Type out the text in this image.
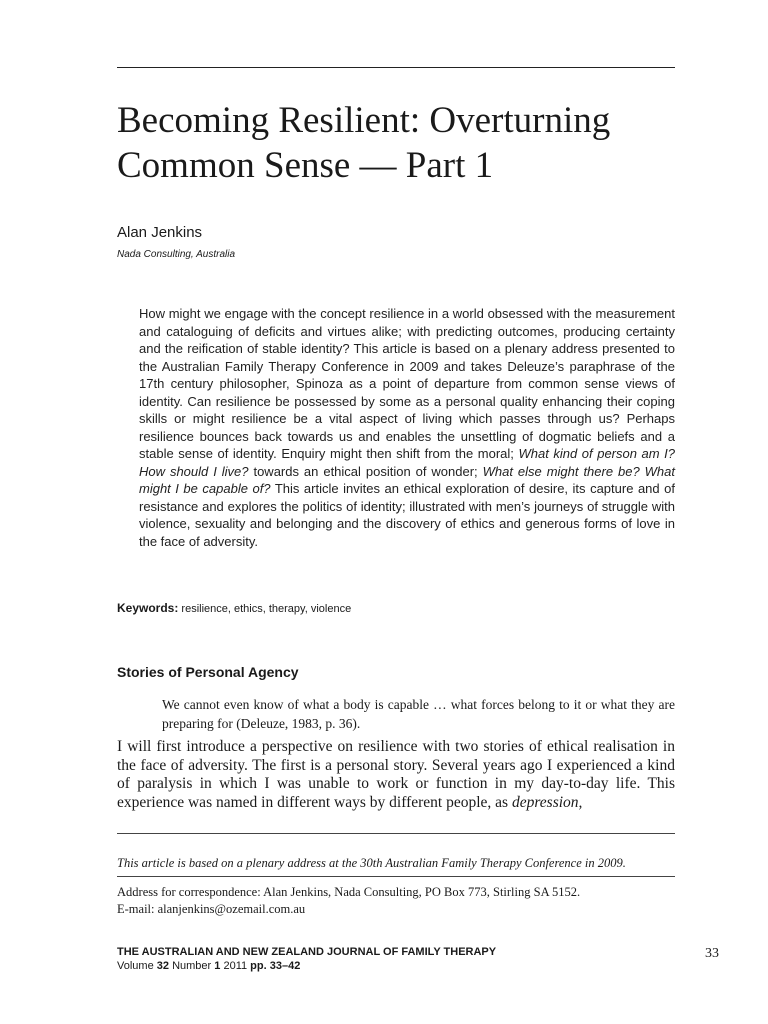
Becoming Resilient: Overturning
Common Sense — Part 1
Alan Jenkins
Nada Consulting, Australia
How might we engage with the concept resilience in a world obsessed with the measurement and cataloguing of deficits and virtues alike; with predicting outcomes, producing certainty and the reification of stable identity? This article is based on a plenary address presented to the Australian Family Therapy Conference in 2009 and takes Deleuze’s paraphrase of the 17th century philosopher, Spinoza as a point of departure from common sense views of identity. Can resilience be possessed by some as a personal quality enhancing their coping skills or might resilience be a vital aspect of living which passes through us? Perhaps resilience bounces back towards us and enables the unsettling of dogmatic beliefs and a stable sense of identity. Enquiry might then shift from the moral; What kind of person am I? How should I live? towards an ethical position of wonder; What else might there be? What might I be capable of? This article invites an ethical exploration of desire, its capture and of resistance and explores the politics of identity; illustrated with men’s journeys of struggle with violence, sexuality and belonging and the discovery of ethics and generous forms of love in the face of adversity.
Keywords: resilience, ethics, therapy, violence
Stories of Personal Agency
We cannot even know of what a body is capable … what forces belong to it or what they are preparing for (Deleuze, 1983, p. 36).
I will first introduce a perspective on resilience with two stories of ethical realisation in the face of adversity. The first is a personal story. Several years ago I experienced a kind of paralysis in which I was unable to work or function in my day-to-day life. This experience was named in different ways by different people, as depression,
This article is based on a plenary address at the 30th Australian Family Therapy Conference in 2009.
Address for correspondence: Alan Jenkins, Nada Consulting, PO Box 773, Stirling SA 5152.
E-mail: alanjenkins@ozemail.com.au
THE AUSTRALIAN AND NEW ZEALAND JOURNAL OF FAMILY THERAPY
Volume 32 Number 1 2011 pp. 33–42
33
